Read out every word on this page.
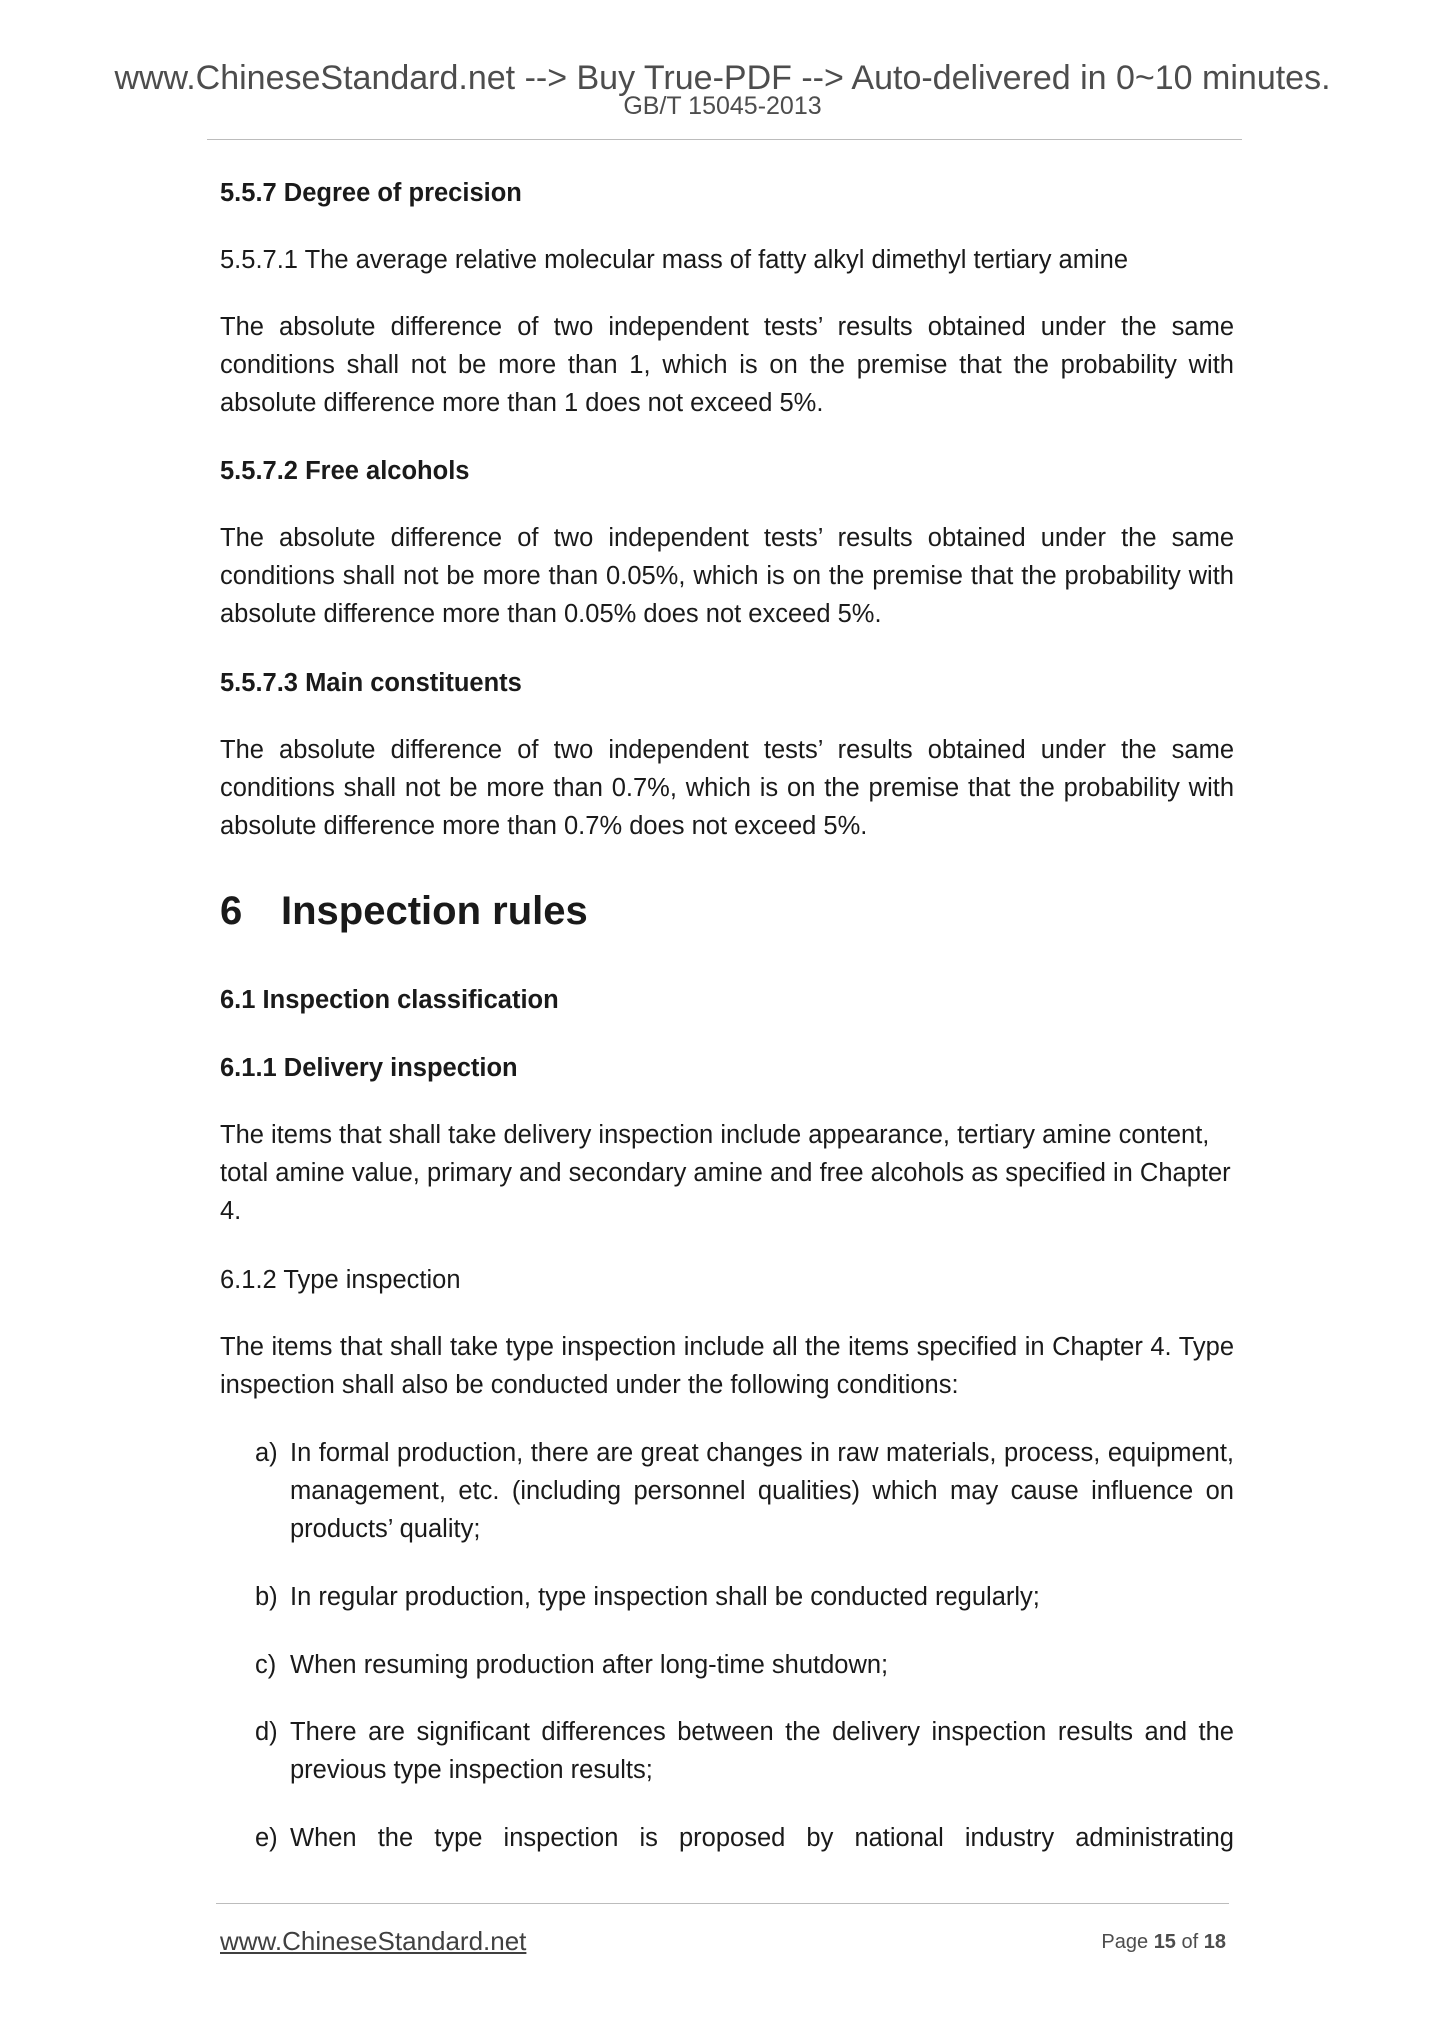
www.ChineseStandard.net --> Buy True-PDF --> Auto-delivered in 0~10 minutes.
GB/T 15045-2013

5.5.7 Degree of precision

5.5.7.1 The average relative molecular mass of fatty alkyl dimethyl tertiary amine

The absolute difference of two independent tests’ results obtained under the same conditions shall not be more than 1, which is on the premise that the probability with absolute difference more than 1 does not exceed 5%.

5.5.7.2 Free alcohols

The absolute difference of two independent tests’ results obtained under the same conditions shall not be more than 0.05%, which is on the premise that the probability with absolute difference more than 0.05% does not exceed 5%.

5.5.7.3 Main constituents

The absolute difference of two independent tests’ results obtained under the same conditions shall not be more than 0.7%, which is on the premise that the probability with absolute difference more than 0.7% does not exceed 5%.

6 Inspection rules

6.1 Inspection classification

6.1.1 Delivery inspection

The items that shall take delivery inspection include appearance, tertiary amine content, total amine value, primary and secondary amine and free alcohols as specified in Chapter 4.

6.1.2 Type inspection

The items that shall take type inspection include all the items specified in Chapter 4. Type inspection shall also be conducted under the following conditions:

a) In formal production, there are great changes in raw materials, process, equipment, management, etc. (including personnel qualities) which may cause influence on products’ quality;
b) In regular production, type inspection shall be conducted regularly;
c) When resuming production after long-time shutdown;
d) There are significant differences between the delivery inspection results and the previous type inspection results;
e) When the type inspection is proposed by national industry administrating
www.ChineseStandard.net	Page 15 of 18
